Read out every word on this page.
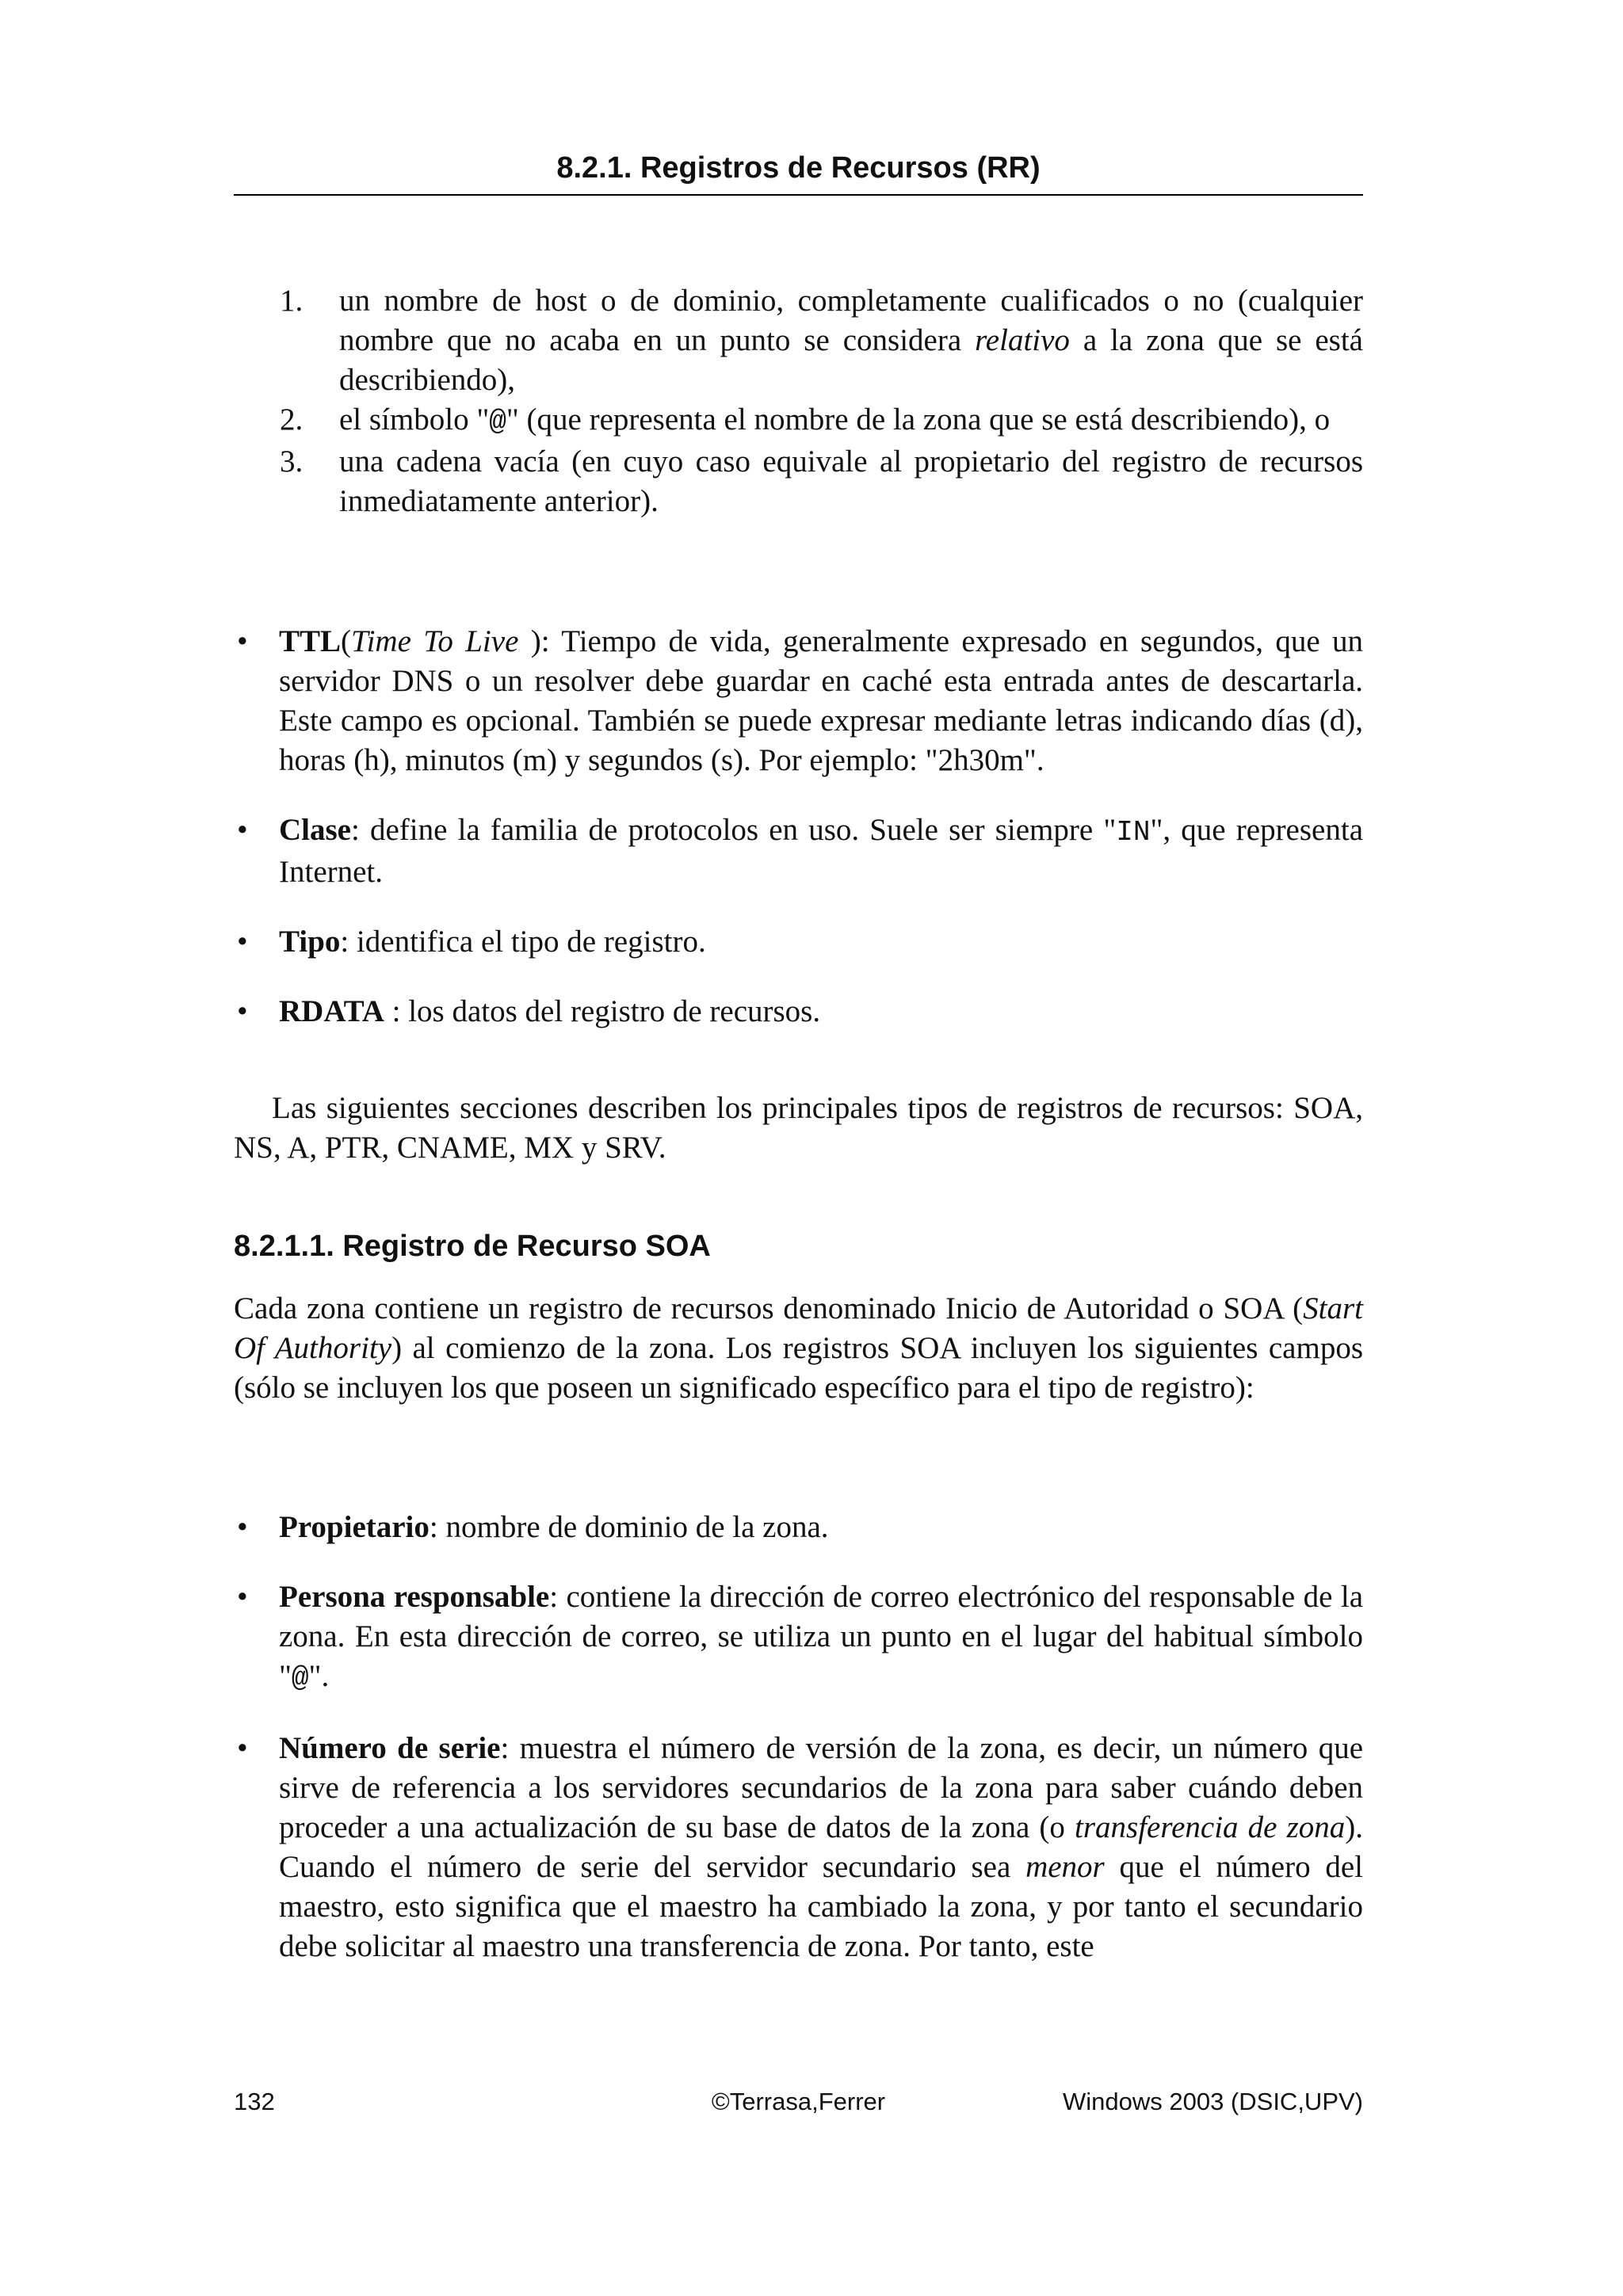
8.2.1. Registros de Recursos (RR)
1. un nombre de host o de dominio, completamente cualificados o no (cualquier nombre que no acaba en un punto se considera relativo a la zona que se está describiendo),
2. el símbolo "@" (que representa el nombre de la zona que se está describiendo), o
3. una cadena vacía (en cuyo caso equivale al propietario del registro de recursos inmediatamente anterior).
• TTL(Time To Live ): Tiempo de vida, generalmente expresado en segundos, que un servidor DNS o un resolver debe guardar en caché esta entrada antes de descartarla. Este campo es opcional. También se puede expresar mediante letras indicando días (d), horas (h), minutos (m) y segundos (s). Por ejemplo: "2h30m".
• Clase: define la familia de protocolos en uso. Suele ser siempre "IN", que representa Internet.
• Tipo: identifica el tipo de registro.
• RDATA : los datos del registro de recursos.

Las siguientes secciones describen los principales tipos de registros de recursos: SOA, NS, A, PTR, CNAME, MX y SRV.

8.2.1.1. Registro de Recurso SOA

Cada zona contiene un registro de recursos denominado Inicio de Autoridad o SOA (Start Of Authority) al comienzo de la zona. Los registros SOA incluyen los siguientes campos (sólo se incluyen los que poseen un significado específico para el tipo de registro):

• Propietario: nombre de dominio de la zona.
• Persona responsable: contiene la dirección de correo electrónico del responsable de la zona. En esta dirección de correo, se utiliza un punto en el lugar del habitual símbolo "@".
• Número de serie: muestra el número de versión de la zona, es decir, un número que sirve de referencia a los servidores secundarios de la zona para saber cuándo deben proceder a una actualización de su base de datos de la zona (o transferencia de zona). Cuando el número de serie del servidor secundario sea menor que el número del maestro, esto significa que el maestro ha cambiado la zona, y por tanto el secundario debe solicitar al maestro una transferencia de zona. Por tanto, este
132	©Terrasa,Ferrer	Windows 2003 (DSIC,UPV)
